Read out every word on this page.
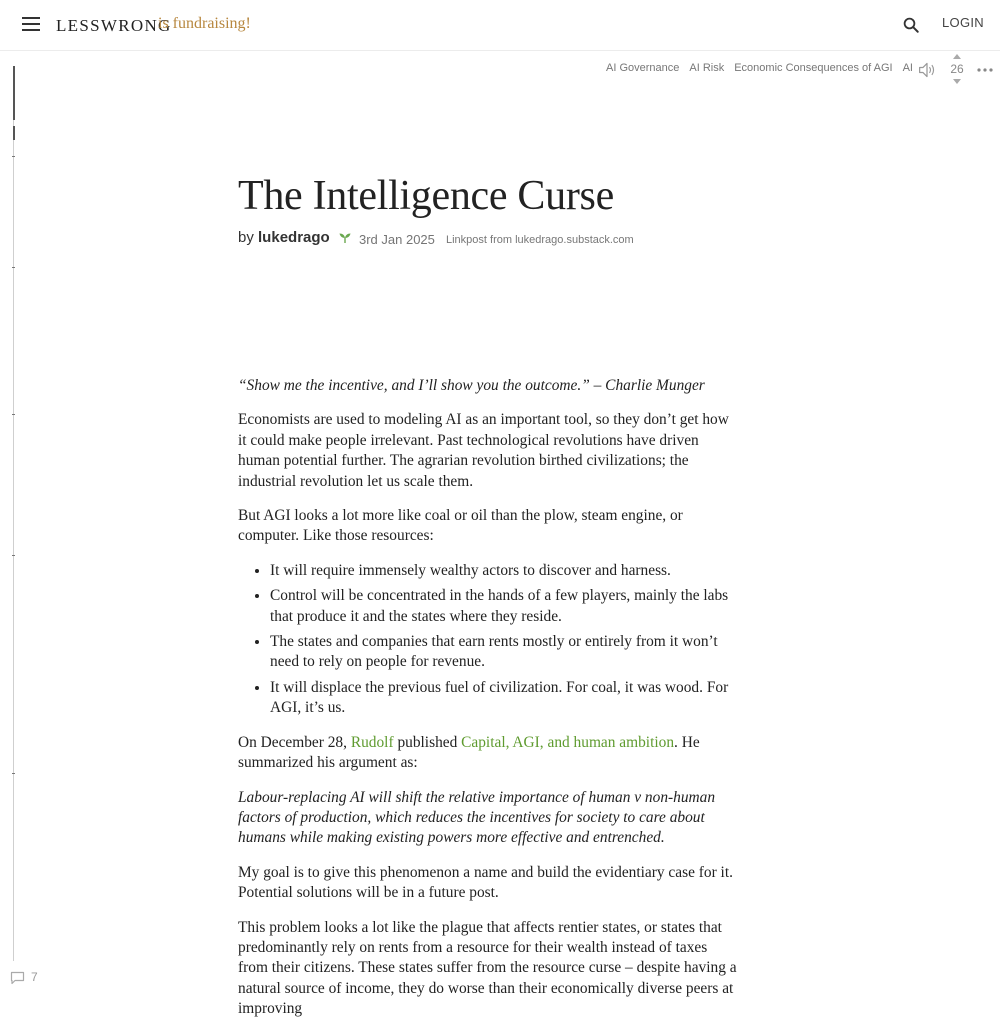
LESSWRONG
is fundraising!	LOGIN
AI Governance AI Risk Economic Consequences of AGI AI	26
The Intelligence Curse
by lukedrago	3rd Jan 2025 Linkpost from lukedrago.substack.com

“Show me the incentive, and I’ll show you the outcome.” – Charlie Munger

Economists are used to modeling AI as an important tool, so they don’t get how it could make people irrelevant. Past technological revolutions have driven human potential further. The agrarian revolution birthed civilizations; the industrial revolution let us scale them.

But AGI looks a lot more like coal or oil than the plow, steam engine, or computer. Like those resources:

• It will require immensely wealthy actors to discover and harness.
• Control will be concentrated in the hands of a few players, mainly the labs that produce it and the states where they reside.
• The states and companies that earn rents mostly or entirely from it won’t need to rely on people for revenue.
• It will displace the previous fuel of civilization. For coal, it was wood. For AGI, it’s us.

On December 28, Rudolf published Capital, AGI, and human ambition. He summarized his argument as:

Labour-replacing AI will shift the relative importance of human v non-human factors of production, which reduces the incentives for society to care about humans while making existing powers more effective and entrenched.

My goal is to give this phenomenon a name and build the evidentiary case for it. Potential solutions will be in a future post.

This problem looks a lot like the plague that affects rentier states, or states that predominantly rely on rents from a resource for their wealth instead of taxes from their citizens. These states suffer from the resource curse – despite having a natural source of income, they do worse than their economically diverse peers at improving

7
